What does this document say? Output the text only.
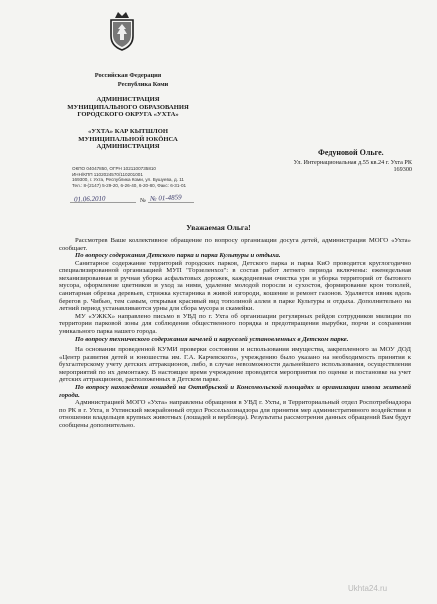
Российская Федерация
Республика Коми
АДМИНИСТРАЦИЯ
МУНИЦИПАЛЬНОГО ОБРАЗОВАНИЯ
ГОРОДСКОГО ОКРУГА «УХТА»
«УХТА» КАР КЫТШЛОН
МУНИЦИПАЛЬНОЙ ЮКӦНСА
АДМИНИСТРАЦИЯ
ОКПО 04047850, ОГРН 1021100735810
ИНН/КПП 1102024570/110201001
169300, г. Ухта, Республика Коми, ул. Бушуева, д. 11
Тел.: 8-(2147) 5-29-20, 6-26-40, 6-20-80, Факс: 6-31-01
№
01.06.2010	№ 01-4859
Федуновой Ольге.
Ул. Интернациональная д.55 кв.24 г. Ухта РК
169300
Уважаемая Ольга!

Рассмотрев Ваше коллективное обращение по вопросу организации досуга детей, администрация МОГО «Ухта» сообщает.

По вопросу содержания Детского парка и парка Культуры и отдыха.

Санитарное содержание территорий городских парков, Детского парка и парка КиО проводится круглогодично специализированной организацией МУП "Горзеленхоз": в состав работ летнего периода включены: еженедельная механизированная и ручная уборка асфальтовых дорожек, каждодневная очистка урн и уборка территорий от бытового мусора, оформление цветников и уход за ними, удаление молодой поросли и сухостоя, формирование крон тополей, санитарная обрезка деревьев, стрижка кустарника в живой изгороди, кошение и ремонт газонов. Удаляется ивняк вдоль берегов р. Чибью, тем самым, открывая красивый вид тополиной аллеи в парке Культуры и отдыха. Дополнительно на летний период устанавливаются урны для сбора мусора и скамейки.

МУ «УЖКХ» направлено письмо в УВД по г. Ухта об организации регулярных рейдов сотрудников милиции по территории парковой зоны для соблюдения общественного порядка и предотвращения вырубки, порчи и сохранения уникального парка нашего города.

По вопросу технического содержания качелей и каруселей установленных в Детском парке.

На основании проведенной КУМИ проверки состояния и использования имущества, закрепленного за МОУ ДОД «Центр развития детей и юношества им. Г.А. Карчевского», учреждению было указано на необходимость принятия к бухгалтерскому учету детских аттракционов, либо, в случае невозможности дальнейшего использования, осуществления мероприятий по их демонтажу. В настоящее время учреждение проводятся мероприятия по оценке и постановке на учет детских аттракционов, расположенных в Детском парке.

По вопросу нахождения лошадей на Октябрьской и Комсомольской площадях и организации извоза жителей города.

Администрацией МОГО «Ухта» направлены обращения в УВД г. Ухты, в Территориальный отдел Роспотребнадзора по РК в г. Ухта, в Ухтинский межрайонный отдел Россельхознадзора для принятия мер административного воздействия в отношении владельцев крупных животных (лошадей и верблюда). Результаты рассмотрения данных обращений Вам будут сообщены дополнительно.

Ukhta24.ru
